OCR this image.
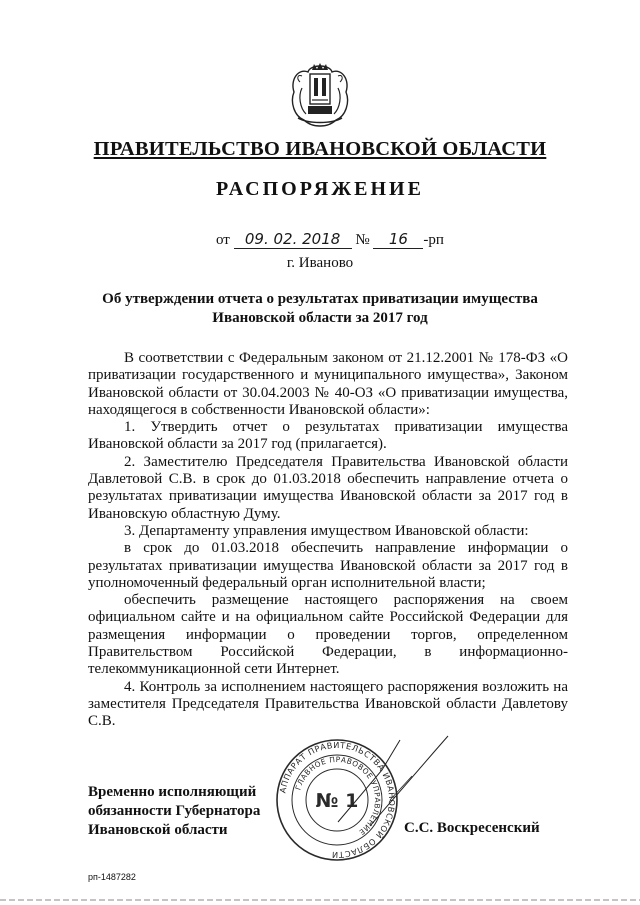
ПРАВИТЕЛЬСТВО ИВАНОВСКОЙ ОБЛАСТИ
РАСПОРЯЖЕНИЕ
от 09. 02. 2018 № 16 -рп
г. Иваново
Об утверждении отчета о результатах приватизации имущества Ивановской области за 2017 год

В соответствии с Федеральным законом от 21.12.2001 № 178-ФЗ «О приватизации государственного и муниципального имущества», Законом Ивановской области от 30.04.2003 № 40-ОЗ «О приватизации имущества, находящегося в собственности Ивановской области»:

1. Утвердить отчет о результатах приватизации имущества Ивановской области за 2017 год (прилагается).

2. Заместителю Председателя Правительства Ивановской области Давлетовой С.В. в срок до 01.03.2018 обеспечить направление отчета о результатах приватизации имущества Ивановской области за 2017 год в Ивановскую областную Думу.

3. Департаменту управления имуществом Ивановской области:

в срок до 01.03.2018 обеспечить направление информации о результатах приватизации имущества Ивановской области за 2017 год в уполномоченный федеральный орган исполнительной власти;

обеспечить размещение настоящего распоряжения на своем официальном сайте и на официальном сайте Российской Федерации для размещения информации о проведении торгов, определенном Правительством Российской Федерации, в информационно-телекоммуникационной сети Интернет.

4. Контроль за исполнением настоящего распоряжения возложить на заместителя Председателя Правительства Ивановской области Давлетову С.В.

АППАРАТ ПРАВИТЕЛЬСТВА ИВАНОВСКОЙ ОБЛАСТИ
ГЛАВНОЕ ПРАВОВОЕ УПРАВЛЕНИЕ
№ 1
Временно исполняющий
обязанности Губернатора
Ивановской области	С.С. Воскресенский
рп-1487282
